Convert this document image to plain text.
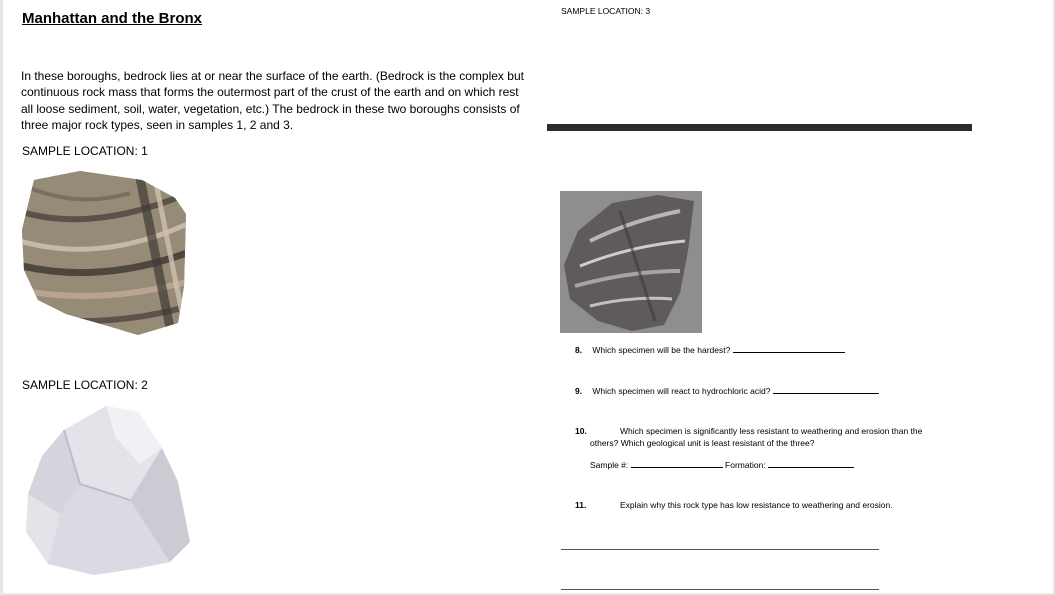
Manhattan and the Bronx

In these boroughs, bedrock lies at or near the surface of the earth. (Bedrock is the complex but continuous rock mass that forms the outermost part of the crust of the earth and on which rest all loose sediment, soil, water, vegetation, etc.) The bedrock in these two boroughs consists of three major rock types, seen in samples 1, 2 and 3.

SAMPLE LOCATION: 1

SAMPLE LOCATION: 2

SAMPLE LOCATION: 3

8. Which specimen will be the hardest?
9. Which specimen will react to hydrochloric acid?
10.	Which specimen is significantly less resistant to weathering and erosion than the
others? Which geological unit is least resistant of the three?
Sample #:	Formation:
11.	Explain why this rock type has low resistance to weathering and erosion.
